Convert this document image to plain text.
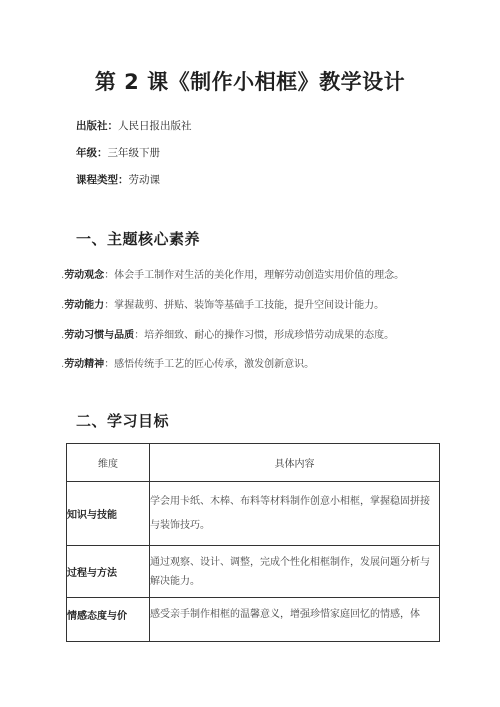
第 2 课《制作小相框》教学设计
出版社：人民日报出版社
年级：三年级下册
课程类型：劳动课
一、主题核心素养
.劳动观念：体会手工制作对生活的美化作用，理解劳动创造实用价值的理念。
.劳动能力：掌握裁剪、拼贴、装饰等基础手工技能，提升空间设计能力。
.劳动习惯与品质：培养细致、耐心的操作习惯，形成珍惜劳动成果的态度。
.劳动精神：感悟传统手工艺的匠心传承，激发创新意识。
二、学习目标
维度	具体内容
知识与技能	学会用卡纸、木棒、布料等材料制作创意小相框，掌握稳固拼接与装饰技巧。
过程与方法	通过观察、设计、调整，完成个性化相框制作，发展问题分析与解决能力。
情感态度与价	感受亲手制作相框的温馨意义，增强珍惜家庭回忆的情感，体
